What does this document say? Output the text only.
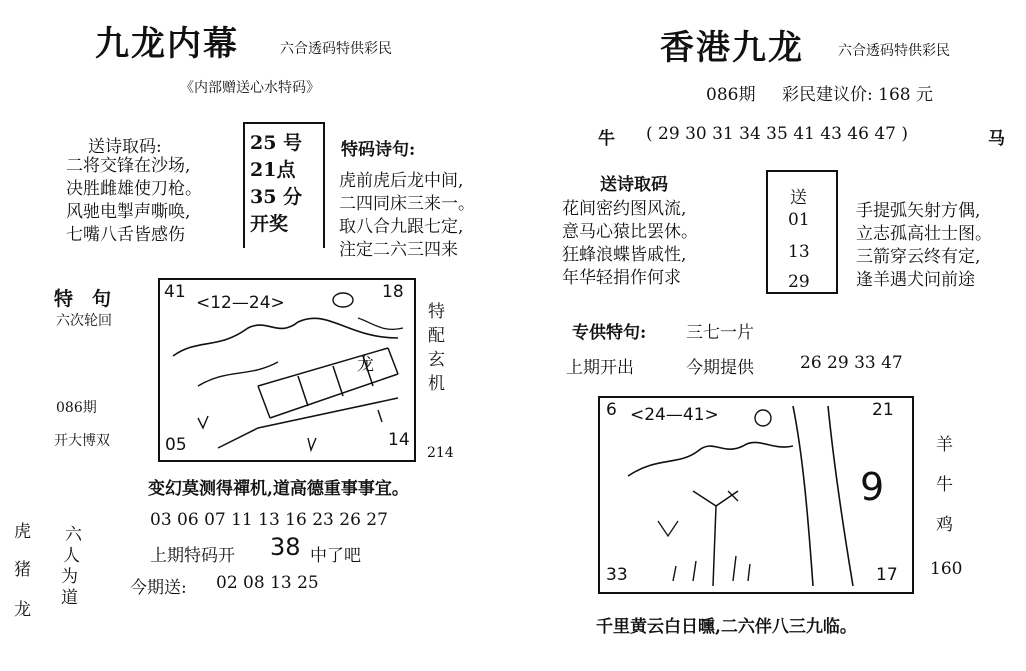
九龙内幕	六合透码特供彩民
《内部赠送心水特码》
送诗取码:
二将交锋在沙场,
决胜雌雄使刀枪。
风驰电掣声嘶唤,
七嘴八舌皆感伤
25 号
21点
35 分
开奖
特码诗句:
虎前虎后龙中间,
二四同床三来一。
取八合九跟七定,
注定二六三四来
特　句
六次轮回
086期
开大博双
41
<12—24>
18
龙
05	14
214
特配玄机
变幻莫测得禪机,道高德重事事宜。
03 06 07 11 13 16 23 26 27
虎
猪
龙
六
人
为
道
上期特码开 38 中了吧
今期送: 02 08 13 25
香港九龙 六合透码特供彩民
086期 彩民建议价: 168 元
牛 ( 29 30 31 34 35 41 43 46 47 )	马
送诗取码
花间密约图风流,
意马心猿比罢休。
狂蜂浪蝶皆戚性,
年华轻捐作何求
送
01
13
29
手提弧矢射方偶,
立志孤高壮士图。
三箭穿云终有定,
逢羊遇犬问前途
专供特句: 三七一片
上期开出	今期提供	26 29 33 47
6 <24—41>	21
9
33	17
羊
牛
鸡
160
千里黄云白日曛,二六伴八三九临。
